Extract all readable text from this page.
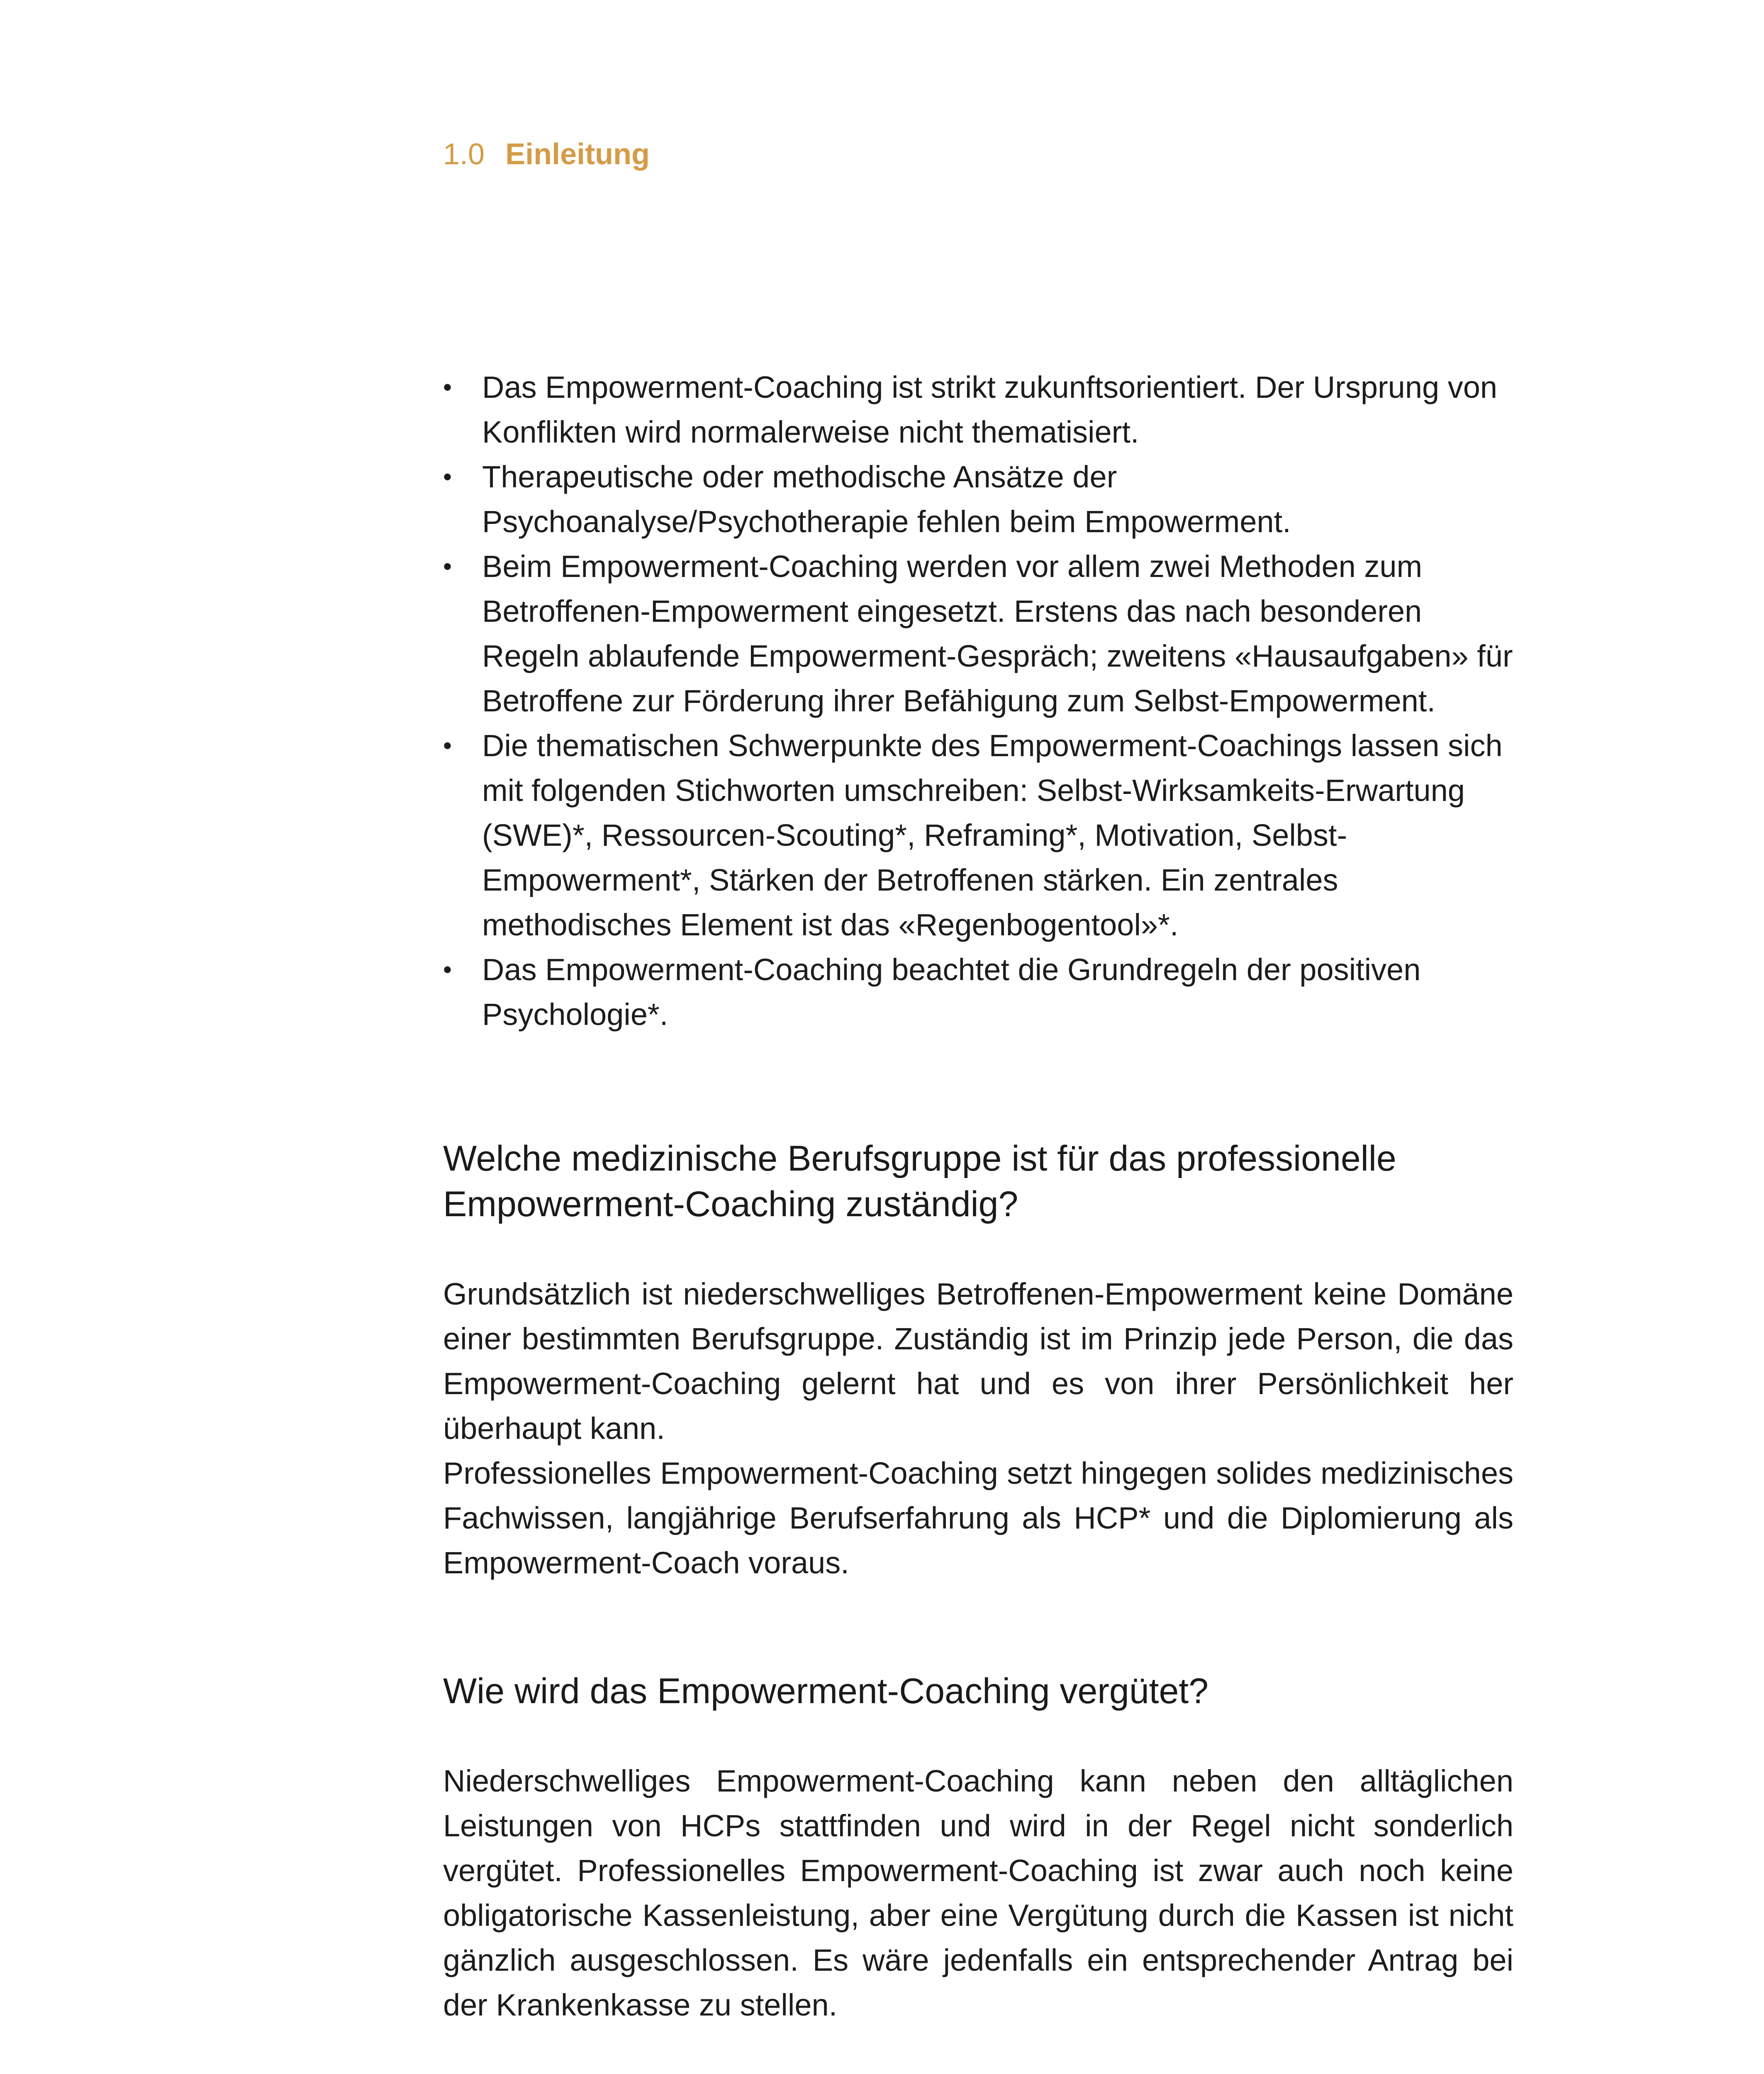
1.0 Einleitung
• Das Empowerment-Coaching ist strikt zukunftsorientiert. Der Ursprung von Konflikten wird normalerweise nicht thematisiert.
• Therapeutische oder methodische Ansätze der Psychoanalyse/Psychotherapie fehlen beim Empowerment.
• Beim Empowerment-Coaching werden vor allem zwei Methoden zum Betroffenen-Empowerment eingesetzt. Erstens das nach besonderen Regeln ablaufende Empowerment-Gespräch; zweitens «Hausaufgaben» für Betroffene zur Förderung ihrer Befähigung zum Selbst-Empowerment.
• Die thematischen Schwerpunkte des Empowerment-Coachings lassen sich mit folgenden Stichworten umschreiben: Selbst-Wirksamkeits-Erwartung (SWE)*, Ressourcen-Scouting*, Reframing*, Motivation, Selbst-Empowerment*, Stärken der Betroffenen stärken. Ein zentrales methodisches Element ist das «Regenbogentool»*.
• Das Empowerment-Coaching beachtet die Grundregeln der positiven Psychologie*.
Welche medizinische Berufsgruppe ist für das professionelle Empowerment-Coaching zuständig?

Grundsätzlich ist niederschwelliges Betroffenen-Empowerment keine Domäne einer bestimmten Berufsgruppe. Zuständig ist im Prinzip jede Person, die das Empowerment-Coaching gelernt hat und es von ihrer Persönlichkeit her überhaupt kann.

Professionelles Empowerment-Coaching setzt hingegen solides medizinisches Fachwissen, langjährige Berufserfahrung als HCP* und die Diplomierung als Empowerment-Coach voraus.

Wie wird das Empowerment-Coaching vergütet?

Niederschwelliges Empowerment-Coaching kann neben den alltäglichen Leistungen von HCPs stattfinden und wird in der Regel nicht sonderlich vergütet. Professionelles Empowerment-Coaching ist zwar auch noch keine obligatorische Kassenleistung, aber eine Vergütung durch die Kassen ist nicht gänzlich ausgeschlossen. Es wäre jedenfalls ein entsprechender Antrag bei der Krankenkasse zu stellen.
